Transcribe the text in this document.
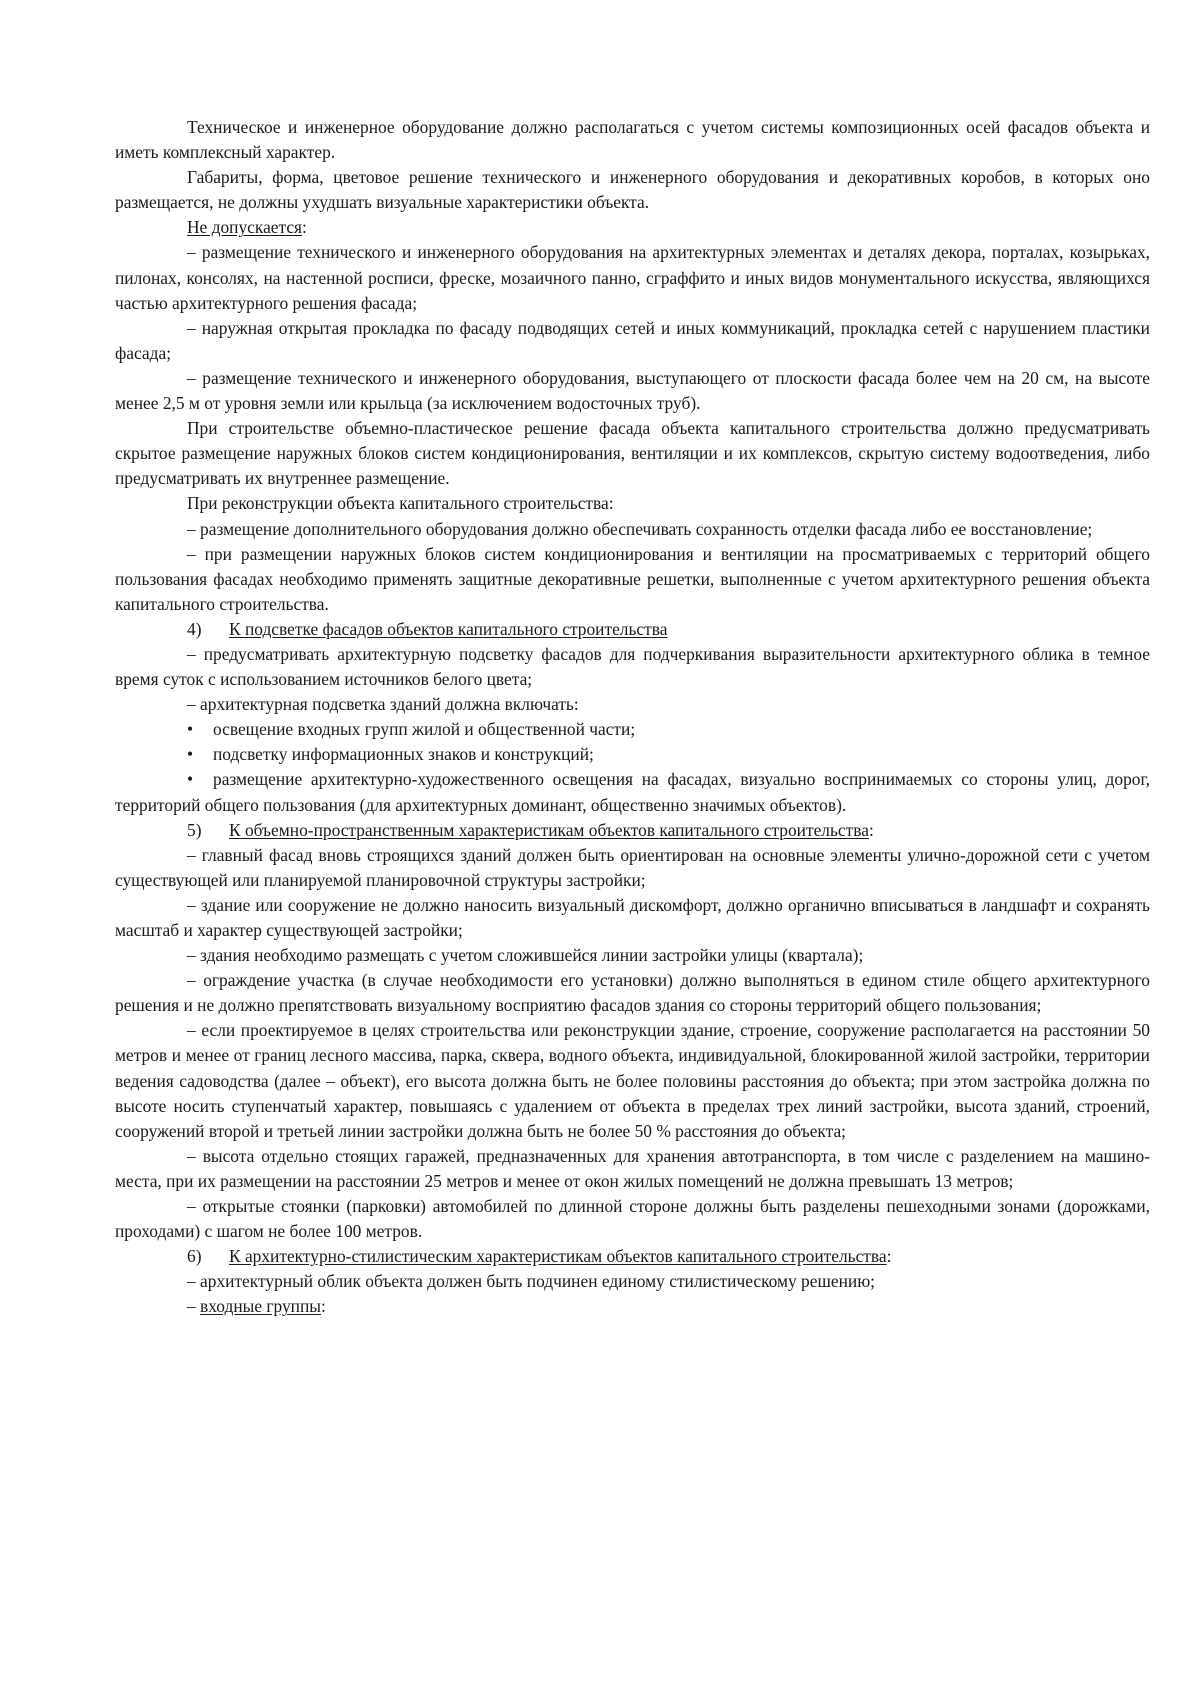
Техническое и инженерное оборудование должно располагаться с учетом системы композиционных осей фасадов объекта и иметь комплексный характер.

Габариты, форма, цветовое решение технического и инженерного оборудования и декоративных коробов, в которых оно размещается, не должны ухудшать визуальные характеристики объекта.

Не допускается:

– размещение технического и инженерного оборудования на архитектурных элементах и деталях декора, порталах, козырьках, пилонах, консолях, на настенной росписи, фреске, мозаичного панно, сграффито и иных видов монументального искусства, являющихся частью архитектурного решения фасада;

– наружная открытая прокладка по фасаду подводящих сетей и иных коммуникаций, прокладка сетей с нарушением пластики фасада;

– размещение технического и инженерного оборудования, выступающего от плоскости фасада более чем на 20 см, на высоте менее 2,5 м от уровня земли или крыльца (за исключением водосточных труб).

При строительстве объемно-пластическое решение фасада объекта капитального строительства должно предусматривать скрытое размещение наружных блоков систем кондиционирования, вентиляции и их комплексов, скрытую систему водоотведения, либо предусматривать их внутреннее размещение.

При реконструкции объекта капитального строительства:

– размещение дополнительного оборудования должно обеспечивать сохранность отделки фасада либо ее восстановление;

– при размещении наружных блоков систем кондиционирования и вентиляции на просматриваемых с территорий общего пользования фасадах необходимо применять защитные декоративные решетки, выполненные с учетом архитектурного решения объекта капитального строительства.

4) К подсветке фасадов объектов капитального строительства

– предусматривать архитектурную подсветку фасадов для подчеркивания выразительности архитектурного облика в темное время суток с использованием источников белого цвета;

– архитектурная подсветка зданий должна включать:

• освещение входных групп жилой и общественной части;

• подсветку информационных знаков и конструкций;

• размещение архитектурно-художественного освещения на фасадах, визуально воспринимаемых со стороны улиц, дорог, территорий общего пользования (для архитектурных доминант, общественно значимых объектов).

5) К объемно-пространственным характеристикам объектов капитального строительства:

– главный фасад вновь строящихся зданий должен быть ориентирован на основные элементы улично-дорожной сети с учетом существующей или планируемой планировочной структуры застройки;

– здание или сооружение не должно наносить визуальный дискомфорт, должно органично вписываться в ландшафт и сохранять масштаб и характер существующей застройки;

– здания необходимо размещать с учетом сложившейся линии застройки улицы (квартала);

– ограждение участка (в случае необходимости его установки) должно выполняться в едином стиле общего архитектурного решения и не должно препятствовать визуальному восприятию фасадов здания со стороны территорий общего пользования;

– если проектируемое в целях строительства или реконструкции здание, строение, сооружение располагается на расстоянии 50 метров и менее от границ лесного массива, парка, сквера, водного объекта, индивидуальной, блокированной жилой застройки, территории ведения садоводства (далее – объект), его высота должна быть не более половины расстояния до объекта; при этом застройка должна по высоте носить ступенчатый характер, повышаясь с удалением от объекта в пределах трех линий застройки, высота зданий, строений, сооружений второй и третьей линии застройки должна быть не более 50 % расстояния до объекта;

– высота отдельно стоящих гаражей, предназначенных для хранения автотранспорта, в том числе с разделением на машино-места, при их размещении на расстоянии 25 метров и менее от окон жилых помещений не должна превышать 13 метров;

– открытые стоянки (парковки) автомобилей по длинной стороне должны быть разделены пешеходными зонами (дорожками, проходами) с шагом не более 100 метров.

6) К архитектурно-стилистическим характеристикам объектов капитального строительства:

– архитектурный облик объекта должен быть подчинен единому стилистическому решению;

– входные группы:
